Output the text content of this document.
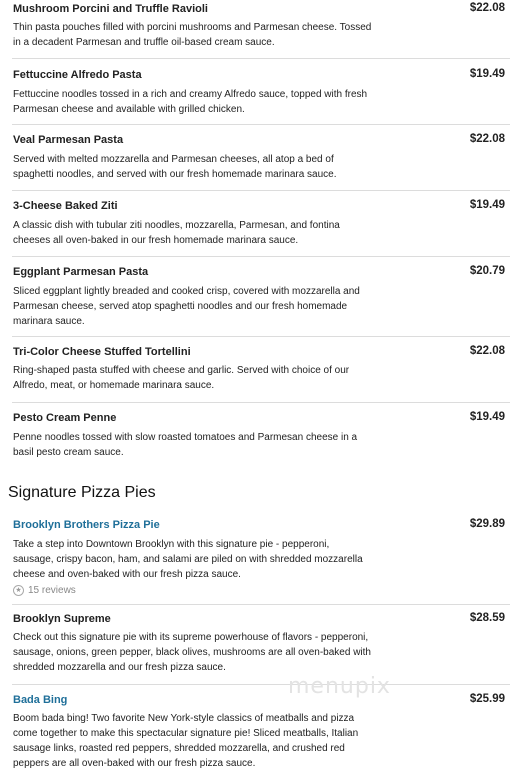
Mushroom Porcini and Truffle Ravioli	$22.08
Thin pasta pouches filled with porcini mushrooms and Parmesan cheese. Tossed
in a decadent Parmesan and truffle oil-based cream sauce.
Fettuccine Alfredo Pasta	$19.49
Fettuccine noodles tossed in a rich and creamy Alfredo sauce, topped with fresh
Parmesan cheese and available with grilled chicken.
Veal Parmesan Pasta	$22.08
Served with melted mozzarella and Parmesan cheeses, all atop a bed of
spaghetti noodles, and served with our fresh homemade marinara sauce.
3-Cheese Baked Ziti	$19.49
A classic dish with tubular ziti noodles, mozzarella, Parmesan, and fontina
cheeses all oven-baked in our fresh homemade marinara sauce.
Eggplant Parmesan Pasta	$20.79
Sliced eggplant lightly breaded and cooked crisp, covered with mozzarella and
Parmesan cheese, served atop spaghetti noodles and our fresh homemade
marinara sauce.
Tri-Color Cheese Stuffed Tortellini	$22.08
Ring-shaped pasta stuffed with cheese and garlic. Served with choice of our
Alfredo, meat, or homemade marinara sauce.
Pesto Cream Penne	$19.49
Penne noodles tossed with slow roasted tomatoes and Parmesan cheese in a
basil pesto cream sauce.
Signature Pizza Pies
Brooklyn Brothers Pizza Pie	$29.89
Take a step into Downtown Brooklyn with this signature pie - pepperoni,
sausage, crispy bacon, ham, and salami are piled on with shredded mozzarella
cheese and oven-baked with our fresh pizza sauce.
★ 15 reviews
Brooklyn Supreme	$28.59
Check out this signature pie with its supreme powerhouse of flavors - pepperoni,
sausage, onions, green pepper, black olives, mushrooms are all oven-baked with
shredded mozzarella and our fresh pizza sauce.
Bada Bing	$25.99
Boom bada bing! Two favorite New York-style classics of meatballs and pizza
come together to make this spectacular signature pie! Sliced meatballs, Italian
sausage links, roasted red peppers, shredded mozzarella, and crushed red
peppers are all oven-baked with our fresh pizza sauce.
menupix
